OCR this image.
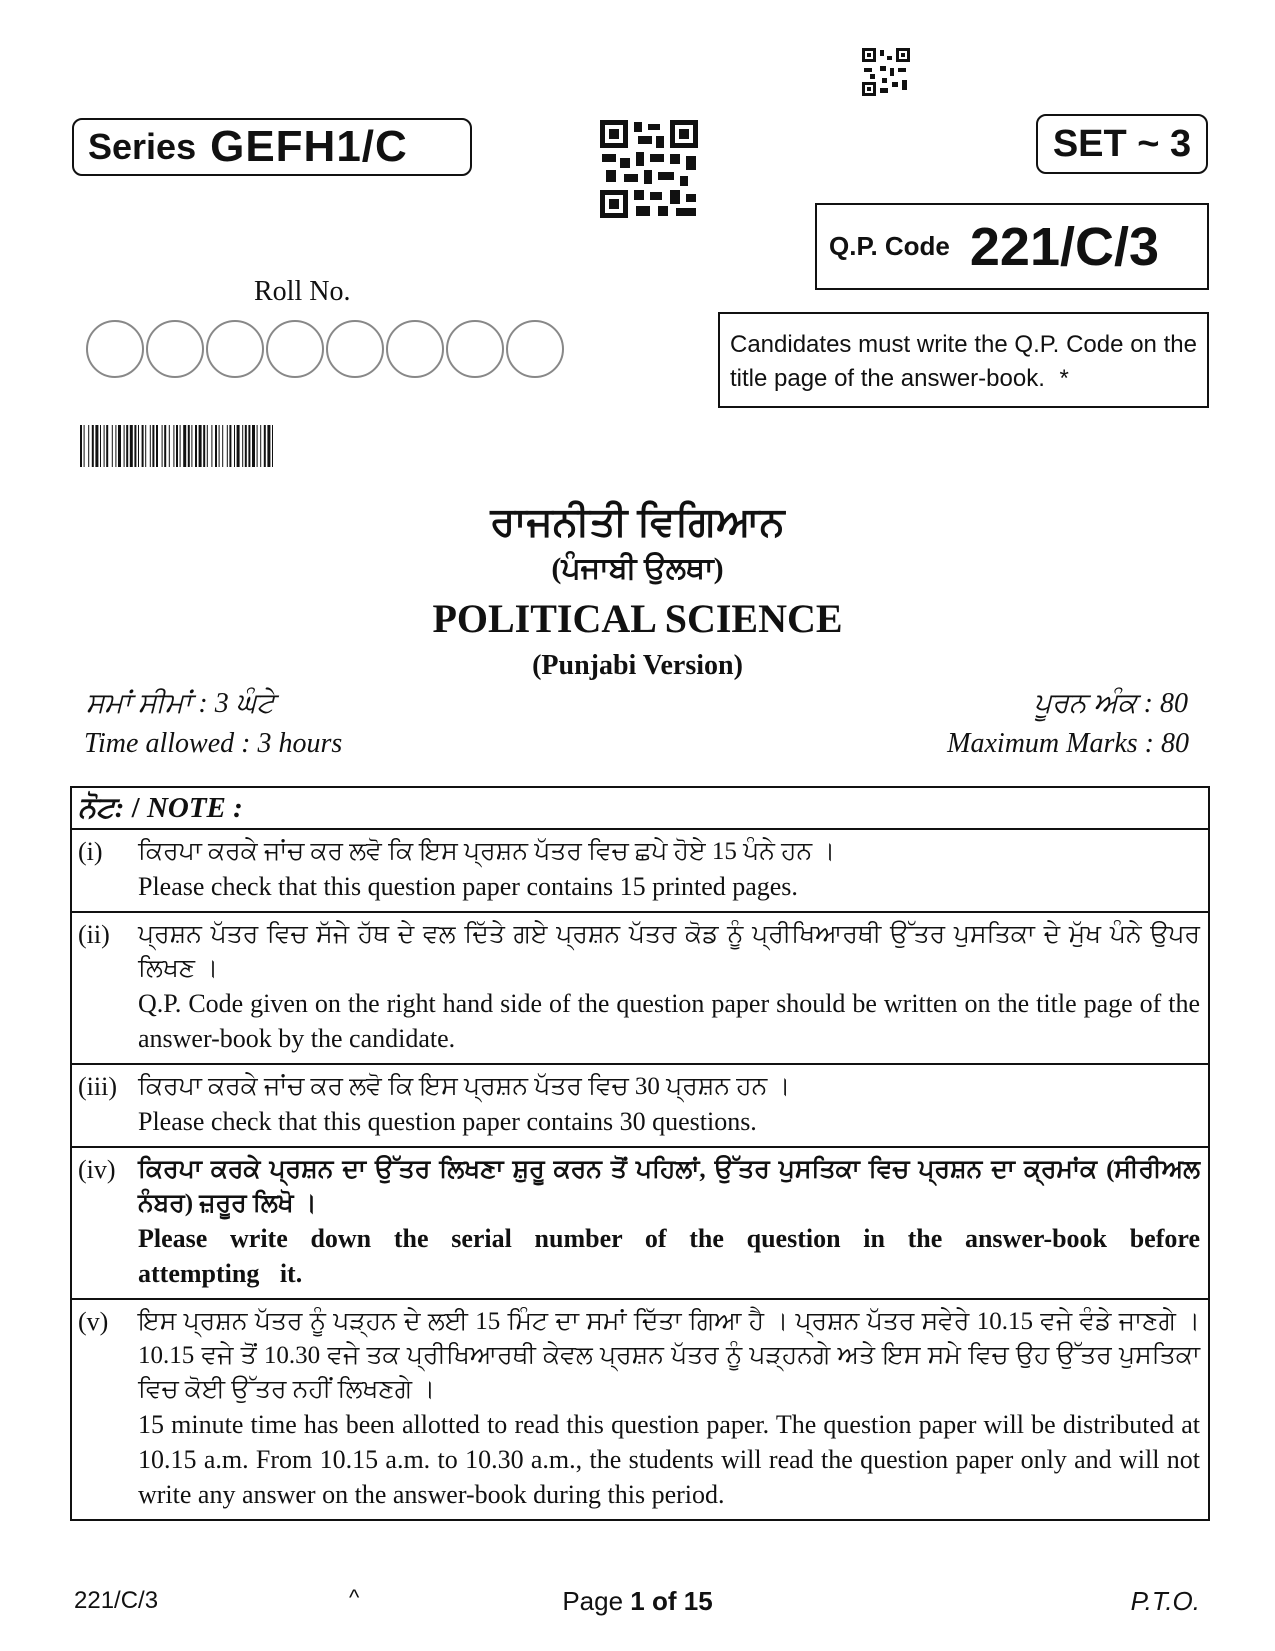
Series GEFH1/C	SET ~ 3
Q.P. Code 221/C/3
Roll No.
Candidates must write the Q.P. Code on the title page of the answer-book. *
ਰਾਜਨੀਤੀ ਵਿਗਿਆਨ
(ਪੰਜਾਬੀ ਉਲਥਾ)
POLITICAL SCIENCE
(Punjabi Version)
ਸਮਾਂ ਸੀਮਾਂ : 3 ਘੰਟੇ
Time allowed : 3 hours
ਪੂਰਨ ਅੰਕ : 80
Maximum Marks : 80
ਨੋਟ: / NOTE :
(i) ਕਿਰਪਾ ਕਰਕੇ ਜਾਂਚ ਕਰ ਲਵੋ ਕਿ ਇਸ ਪ੍ਰਸ਼ਨ ਪੱਤਰ ਵਿਚ ਛਪੇ ਹੋਏ 15 ਪੰਨੇ ਹਨ ।
Please check that this question paper contains 15 printed pages.
(ii) ਪ੍ਰਸ਼ਨ ਪੱਤਰ ਵਿਚ ਸੱਜੇ ਹੱਥ ਦੇ ਵਲ ਦਿੱਤੇ ਗਏ ਪ੍ਰਸ਼ਨ ਪੱਤਰ ਕੋਡ ਨੂੰ ਪ੍ਰੀਖਿਆਰਥੀ ਉੱਤਰ ਪੁਸਤਿਕਾ ਦੇ ਮੁੱਖ ਪੰਨੇ ਉਪਰ ਲਿਖਣ ।
Q.P. Code given on the right hand side of the question paper should be written on the title page of the answer-book by the candidate.
(iii) ਕਿਰਪਾ ਕਰਕੇ ਜਾਂਚ ਕਰ ਲਵੋ ਕਿ ਇਸ ਪ੍ਰਸ਼ਨ ਪੱਤਰ ਵਿਚ 30 ਪ੍ਰਸ਼ਨ ਹਨ ।
Please check that this question paper contains 30 questions.
(iv) ਕਿਰਪਾ ਕਰਕੇ ਪ੍ਰਸ਼ਨ ਦਾ ਉੱਤਰ ਲਿਖਣਾ ਸ਼ੁਰੂ ਕਰਨ ਤੋਂ ਪਹਿਲਾਂ, ਉੱਤਰ ਪੁਸਤਿਕਾ ਵਿਚ ਪ੍ਰਸ਼ਨ ਦਾ ਕ੍ਰਮਾਂਕ (ਸੀਰੀਅਲ ਨੰਬਰ) ਜ਼ਰੂਰ ਲਿਖੋ ।
Please write down the serial number of the question in the answer-book before attempting it.
(v) ਇਸ ਪ੍ਰਸ਼ਨ ਪੱਤਰ ਨੂੰ ਪੜ੍ਹਨ ਦੇ ਲਈ 15 ਮਿੰਟ ਦਾ ਸਮਾਂ ਦਿੱਤਾ ਗਿਆ ਹੈ । ਪ੍ਰਸ਼ਨ ਪੱਤਰ ਸਵੇਰੇ 10.15 ਵਜੇ ਵੰਡੇ ਜਾਣਗੇ । 10.15 ਵਜੇ ਤੋਂ 10.30 ਵਜੇ ਤਕ ਪ੍ਰੀਖਿਆਰਥੀ ਕੇਵਲ ਪ੍ਰਸ਼ਨ ਪੱਤਰ ਨੂੰ ਪੜ੍ਹਨਗੇ ਅਤੇ ਇਸ ਸਮੇ ਵਿਚ ਉਹ ਉੱਤਰ ਪੁਸਤਿਕਾ ਵਿਚ ਕੋਈ ਉੱਤਰ ਨਹੀਂ ਲਿਖਣਗੇ ।
15 minute time has been allotted to read this question paper. The question paper will be distributed at 10.15 a.m. From 10.15 a.m. to 10.30 a.m., the students will read the question paper only and will not write any answer on the answer-book during this period.
221/C/3	^	Page 1 of 15	P.T.O.
